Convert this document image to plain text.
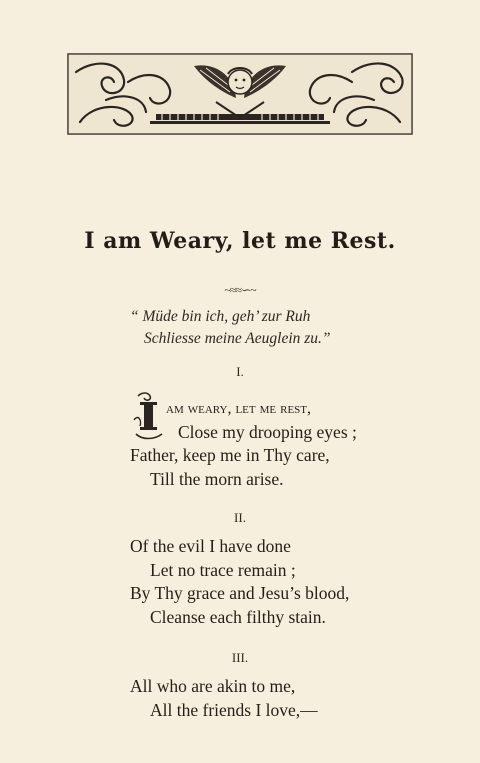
I am Weary, let me Rest.
~≈≈∽~
“ Müde bin ich, geh’ zur Ruh
Schliesse meine Aeuglein zu.”
I.
am weary, let me rest,
Close my drooping eyes ;
Father, keep me in Thy care,
Till the morn arise.
II.
Of the evil I have done
Let no trace remain ;
By Thy grace and Jesu’s blood,
Cleanse each filthy stain.
III.
All who are akin to me,
All the friends I love,—
